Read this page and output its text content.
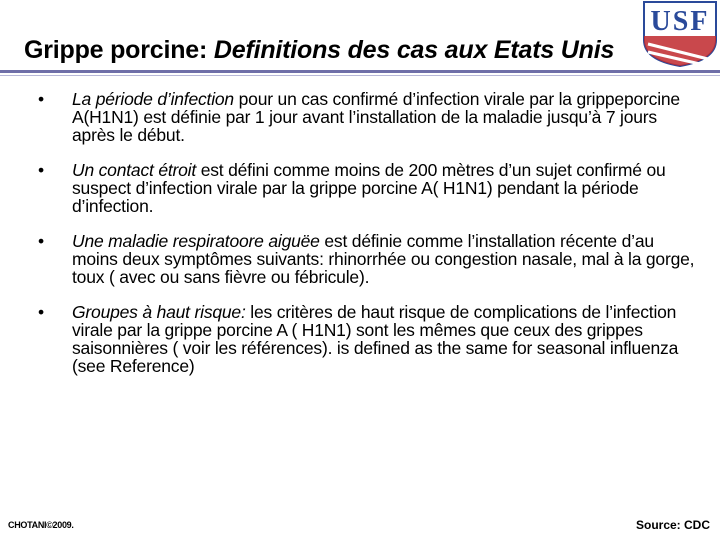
Grippe porcine: Definitions des cas aux Etats Unis
USF
• La période d’infection pour un cas confirmé d’infection virale par la grippeporcine A(H1N1) est définie par 1 jour avant l’installation de la maladie jusqu’à 7 jours après le début.
• Un contact étroit est défini comme moins de 200 mètres d’un sujet confirmé ou suspect d’infection virale par la grippe porcine A( H1N1) pendant la période d’infection.
• Une maladie respiratoore aiguëe est définie comme l’installation récente d’au moins deux symptômes suivants: rhinorrhée ou congestion nasale, mal à la gorge, toux ( avec ou sans fièvre ou fébricule).
• Groupes à haut risque: les critères de haut risque de complications de l’infection virale par la grippe porcine A ( H1N1) sont les mêmes que ceux des grippes saisonnières ( voir les références). is defined as the same for seasonal influenza (see Reference)
CHOTANI©2009.	Source: CDC
